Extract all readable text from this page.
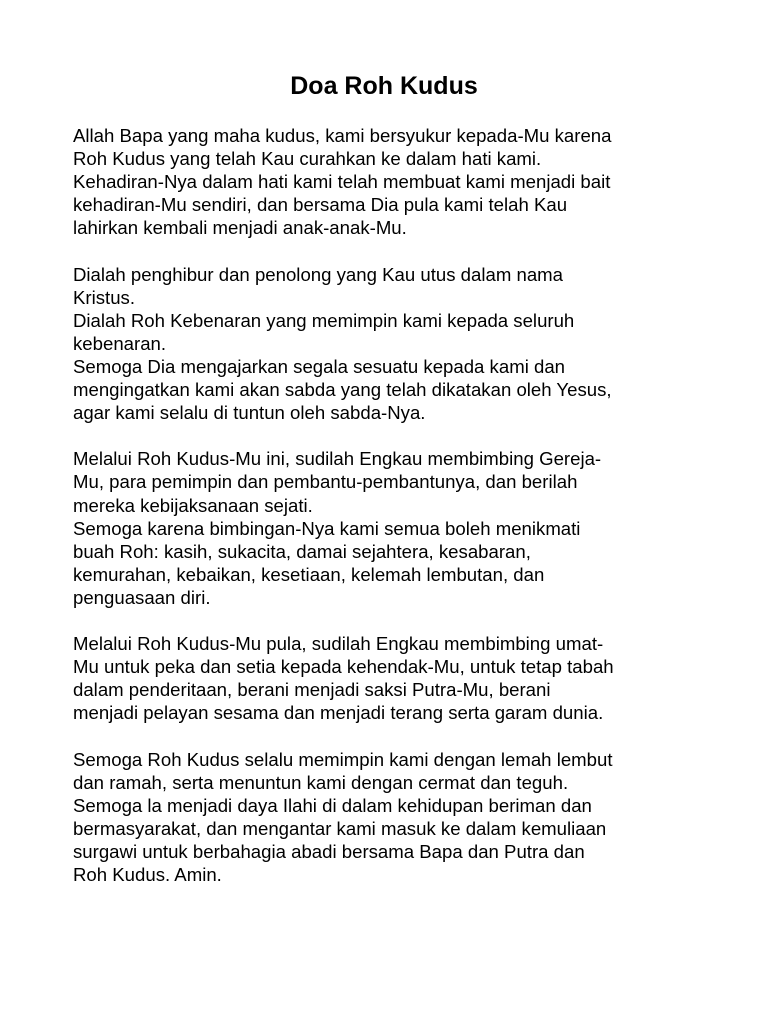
Doa Roh Kudus
Allah Bapa yang maha kudus, kami bersyukur kepada-Mu karena
Roh Kudus yang telah Kau curahkan ke dalam hati kami.
Kehadiran-Nya dalam hati kami telah membuat kami menjadi bait
kehadiran-Mu sendiri, dan bersama Dia pula kami telah Kau
lahirkan kembali menjadi anak-anak-Mu.
Dialah penghibur dan penolong yang Kau utus dalam nama
Kristus.
Dialah Roh Kebenaran yang memimpin kami kepada seluruh
kebenaran.
Semoga Dia mengajarkan segala sesuatu kepada kami dan
mengingatkan kami akan sabda yang telah dikatakan oleh Yesus,
agar kami selalu di tuntun oleh sabda-Nya.
Melalui Roh Kudus-Mu ini, sudilah Engkau membimbing Gereja-
Mu, para pemimpin dan pembantu-pembantunya, dan berilah
mereka kebijaksanaan sejati.
Semoga karena bimbingan-Nya kami semua boleh menikmati
buah Roh: kasih, sukacita, damai sejahtera, kesabaran,
kemurahan, kebaikan, kesetiaan, kelemah lembutan, dan
penguasaan diri.
Melalui Roh Kudus-Mu pula, sudilah Engkau membimbing umat-
Mu untuk peka dan setia kepada kehendak-Mu, untuk tetap tabah
dalam penderitaan, berani menjadi saksi Putra-Mu, berani
menjadi pelayan sesama dan menjadi terang serta garam dunia.
Semoga Roh Kudus selalu memimpin kami dengan lemah lembut
dan ramah, serta menuntun kami dengan cermat dan teguh.
Semoga la menjadi daya Ilahi di dalam kehidupan beriman dan
bermasyarakat, dan mengantar kami masuk ke dalam kemuliaan
surgawi untuk berbahagia abadi bersama Bapa dan Putra dan
Roh Kudus. Amin.
